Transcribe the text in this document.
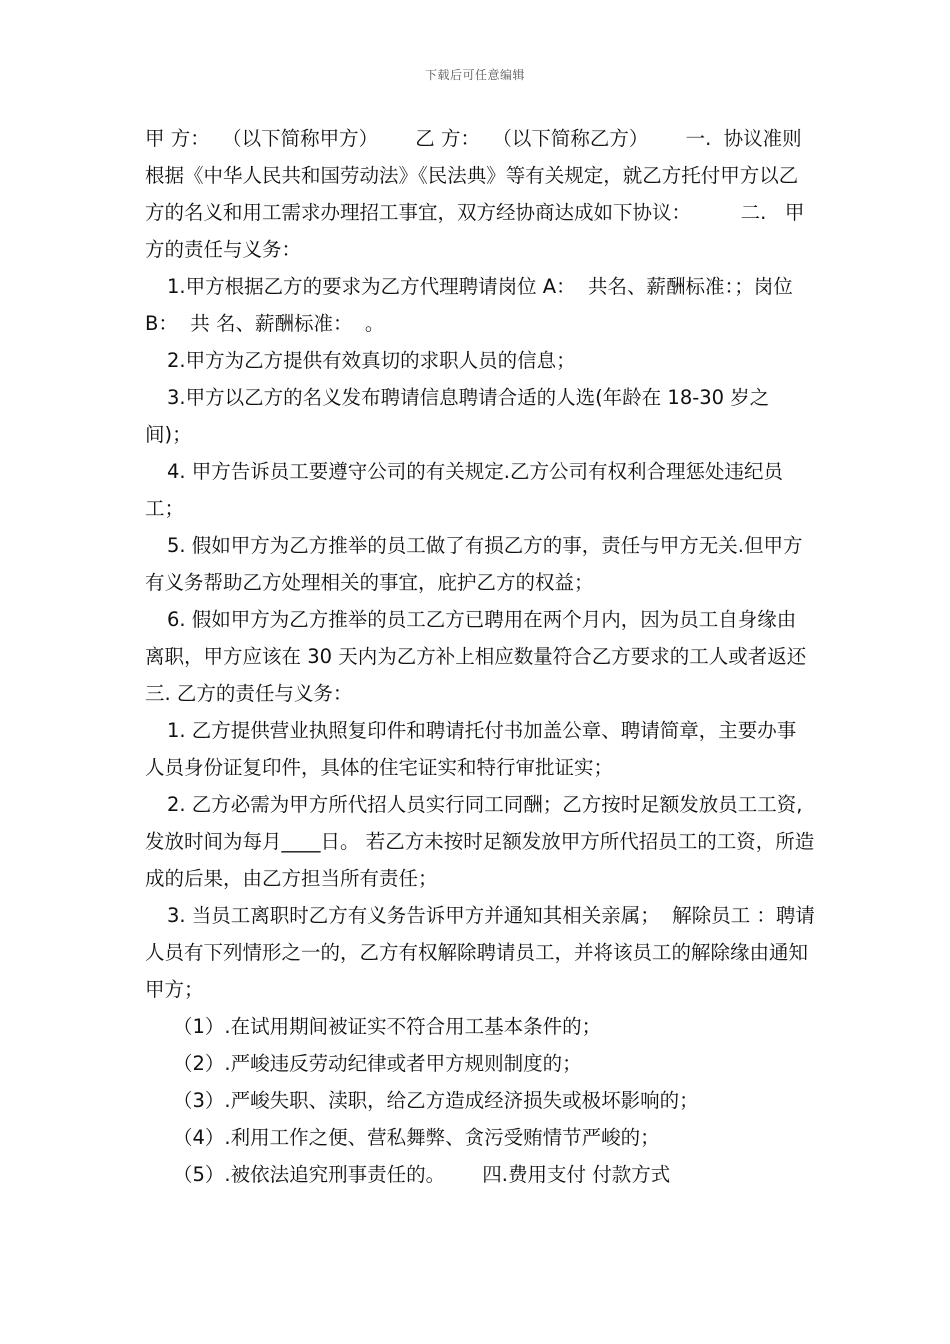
下载后可任意编辑

甲 方：  （以下简称甲方）      乙 方：  （以下简称乙方）      一.  协议准则      根据《中华人民共和国劳动法》《民法典》等有关规定，就乙方托付甲方以乙方的名义和用工需求办理招工事宜，双方经协商达成如下协议：        二.   甲方的责任与义务：

1.甲方根据乙方的要求为乙方代理聘请岗位 A：  共名、薪酬标准：；岗位 B：  共 名、薪酬标准：  。

2.甲方为乙方提供有效真切的求职人员的信息；

3.甲方以乙方的名义发布聘请信息聘请合适的人选(年龄在 18-30 岁之间)；

4. 甲方告诉员工要遵守公司的有关规定.乙方公司有权利合理惩处违纪员工；

5. 假如甲方为乙方推举的员工做了有损乙方的事，责任与甲方无关.但甲方有义务帮助乙方处理相关的事宜，庇护乙方的权益；

6. 假如甲方为乙方推举的员工乙方已聘用在两个月内，因为员工自身缘由离职，甲方应该在 30 天内为乙方补上相应数量符合乙方要求的工人或者返还      三. 乙方的责任与义务：

1. 乙方提供营业执照复印件和聘请托付书加盖公章、聘请简章，主要办事人员身份证复印件，具体的住宅证实和特行审批证实；

2. 乙方必需为甲方所代招人员实行同工同酬；乙方按时足额发放员工工资,发放时间为每月____日。 若乙方未按时足额发放甲方所代招员工的工资，所造成的后果，由乙方担当所有责任；

3. 当员工离职时乙方有义务告诉甲方并通知其相关亲属；  解除员工 ：聘请人员有下列情形之一的，乙方有权解除聘请员工，并将该员工的解除缘由通知甲方；

（1）.在试用期间被证实不符合用工基本条件的；

（2）.严峻违反劳动纪律或者甲方规则制度的；

（3）.严峻失职、渎职，给乙方造成经济损失或极坏影响的；

（4）.利用工作之便、营私舞弊、贪污受贿情节严峻的；

（5）.被依法追究刑事责任的。      四.费用支付 付款方式
